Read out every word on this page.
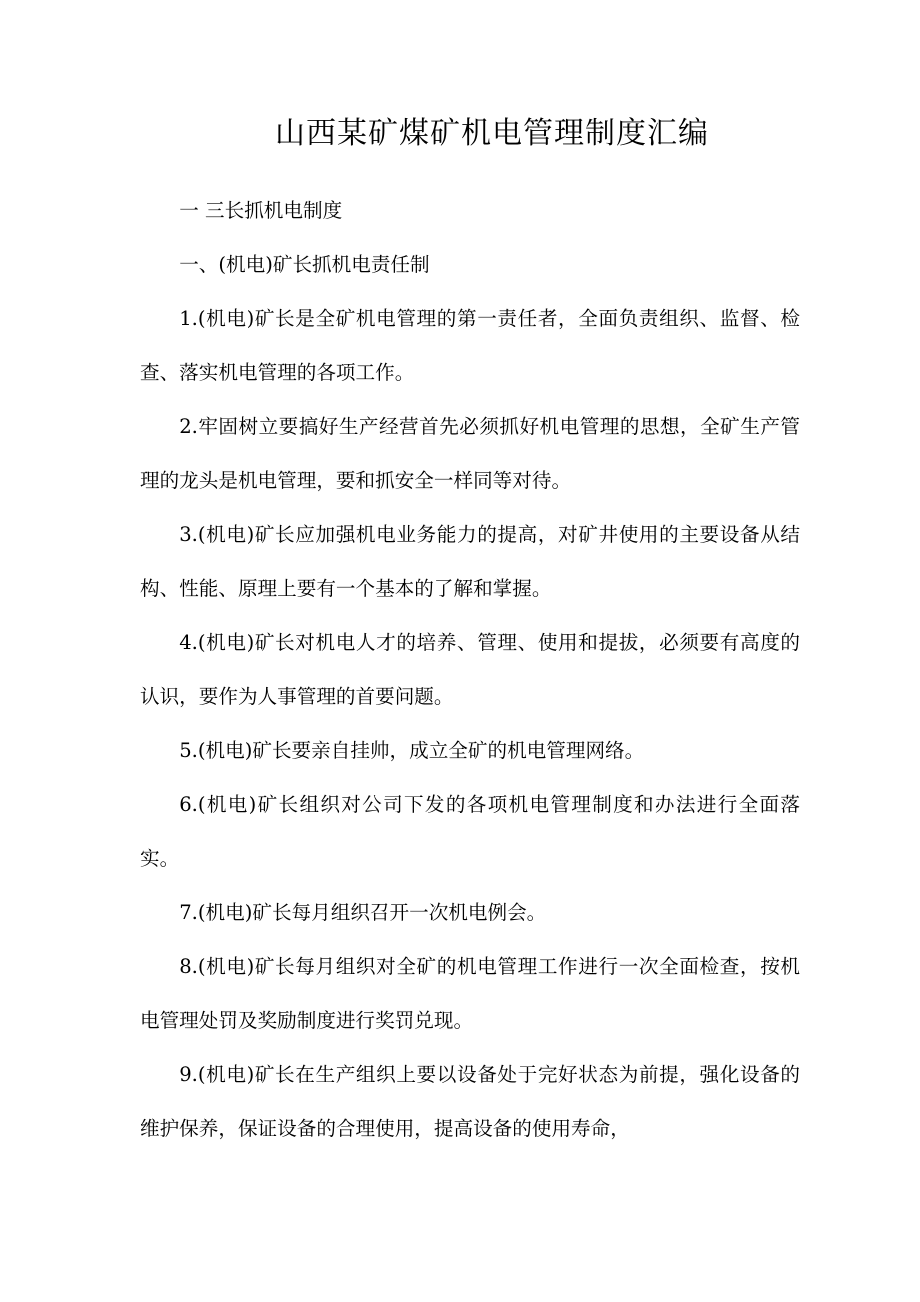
山西某矿煤矿机电管理制度汇编

一 三长抓机电制度

一、(机电)矿长抓机电责任制

1.(机电)矿长是全矿机电管理的第一责任者，全面负责组织、监督、检查、落实机电管理的各项工作。

2.牢固树立要搞好生产经营首先必须抓好机电管理的思想，全矿生产管理的龙头是机电管理，要和抓安全一样同等对待。

3.(机电)矿长应加强机电业务能力的提高，对矿井使用的主要设备从结构、性能、原理上要有一个基本的了解和掌握。

4.(机电)矿长对机电人才的培养、管理、使用和提拔，必须要有高度的认识，要作为人事管理的首要问题。

5.(机电)矿长要亲自挂帅，成立全矿的机电管理网络。

6.(机电)矿长组织对公司下发的各项机电管理制度和办法进行全面落实。

7.(机电)矿长每月组织召开一次机电例会。

8.(机电)矿长每月组织对全矿的机电管理工作进行一次全面检查，按机电管理处罚及奖励制度进行奖罚兑现。

9.(机电)矿长在生产组织上要以设备处于完好状态为前提，强化设备的维护保养，保证设备的合理使用，提高设备的使用寿命，
